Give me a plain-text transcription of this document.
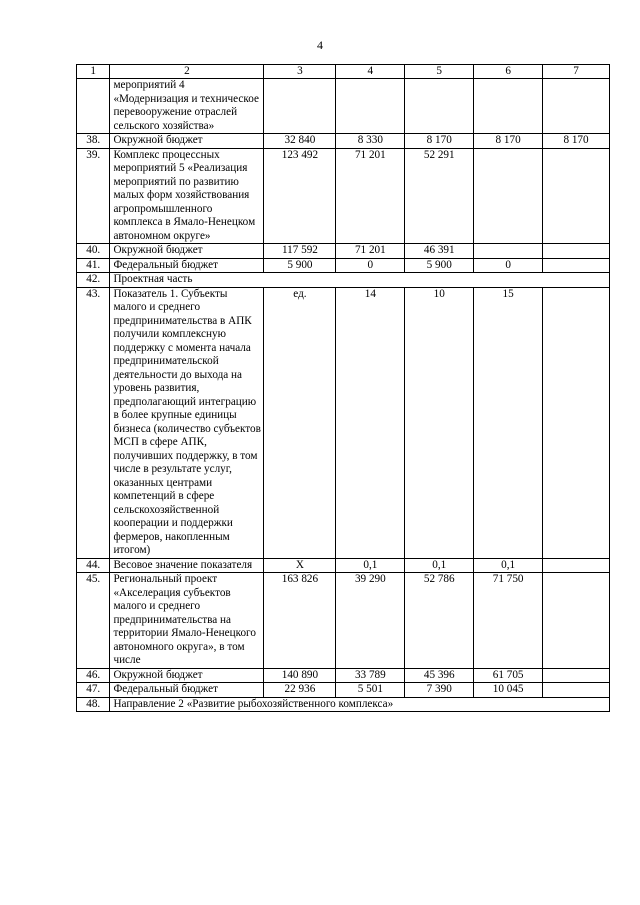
4
1	2	3	4	5	6	7
	мероприятий 4 «Модернизация и техническое перевооружение отраслей сельского хозяйства»					
38.	Окружной бюджет	32 840	8 330	8 170	8 170	8 170
39.	Комплекс процессных мероприятий 5 «Реализация мероприятий по развитию малых форм хозяйствования агропромышленного комплекса в Ямало-Ненецком автономном округе»	123 492	71 201	52 291		
40.	Окружной бюджет	117 592	71 201	46 391		
41.	Федеральный бюджет	5 900	0	5 900	0	
42.	Проектная часть					
43.	Показатель 1. Субъекты малого и среднего предпринимательства в АПК получили комплексную поддержку с момента начала предпринимательской деятельности до выхода на уровень развития, предполагающий интеграцию в более крупные единицы бизнеса (количество субъектов МСП в сфере АПК, получивших поддержку, в том числе в результате услуг, оказанных центрами компетенций в сфере сельскохозяйственной кооперации и поддержки фермеров, накопленным итогом)	ед.	14	10	15	
44.	Весовое значение показателя	X	0,1	0,1	0,1	
45.	Региональный проект «Акселерация субъектов малого и среднего предпринимательства на территории Ямало-Ненецкого автономного округа», в том числе	163 826	39 290	52 786	71 750	
46.	Окружной бюджет	140 890	33 789	45 396	61 705	
47.	Федеральный бюджет	22 936	5 501	7 390	10 045	
48.	Направление 2 «Развитие рыбохозяйственного комплекса»					
